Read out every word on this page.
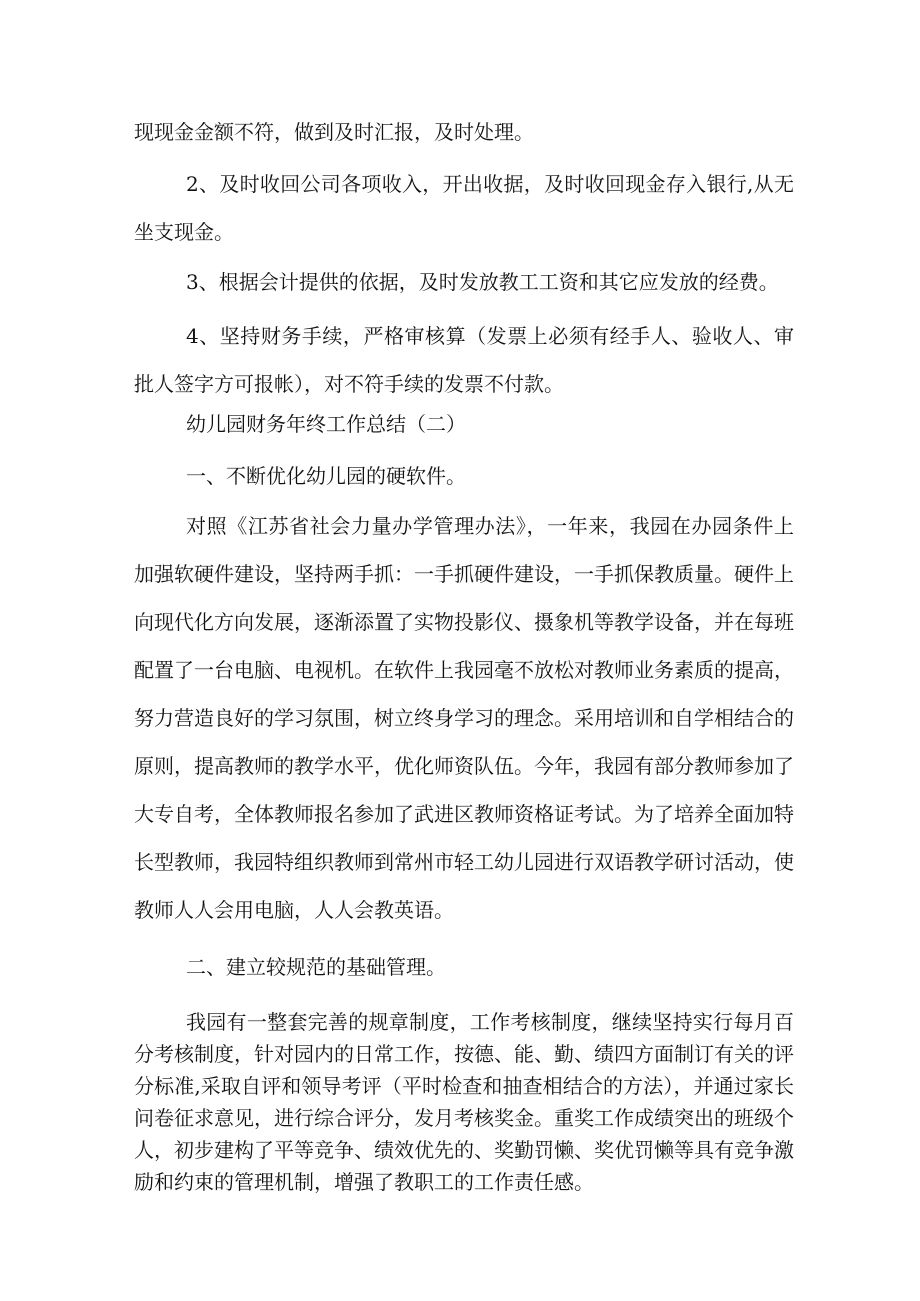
现现金金额不符，做到及时汇报，及时处理。

2、及时收回公司各项收入，开出收据，及时收回现金存入银行,从无坐支现金。

3、根据会计提供的依据，及时发放教工工资和其它应发放的经费。

4、坚持财务手续，严格审核算（发票上必须有经手人、验收人、审批人签字方可报帐），对不符手续的发票不付款。

幼儿园财务年终工作总结（二）

一、不断优化幼儿园的硬软件。

对照《江苏省社会力量办学管理办法》，一年来，我园在办园条件上加强软硬件建设，坚持两手抓：一手抓硬件建设，一手抓保教质量。硬件上向现代化方向发展，逐渐添置了实物投影仪、摄象机等教学设备，并在每班配置了一台电脑、电视机。在软件上我园毫不放松对教师业务素质的提高，努力营造良好的学习氛围，树立终身学习的理念。采用培训和自学相结合的原则，提高教师的教学水平，优化师资队伍。今年，我园有部分教师参加了大专自考，全体教师报名参加了武进区教师资格证考试。为了培养全面加特长型教师，我园特组织教师到常州市轻工幼儿园进行双语教学研讨活动，使教师人人会用电脑，人人会教英语。

二、建立较规范的基础管理。

我园有一整套完善的规章制度，工作考核制度，继续坚持实行每月百分考核制度，针对园内的日常工作，按德、能、勤、绩四方面制订有关的评分标准,采取自评和领导考评（平时检查和抽查相结合的方法），并通过家长问卷征求意见，进行综合评分，发月考核奖金。重奖工作成绩突出的班级个人，初步建构了平等竞争、绩效优先的、奖勤罚懒、奖优罚懒等具有竞争激励和约束的管理机制，增强了教职工的工作责任感。
